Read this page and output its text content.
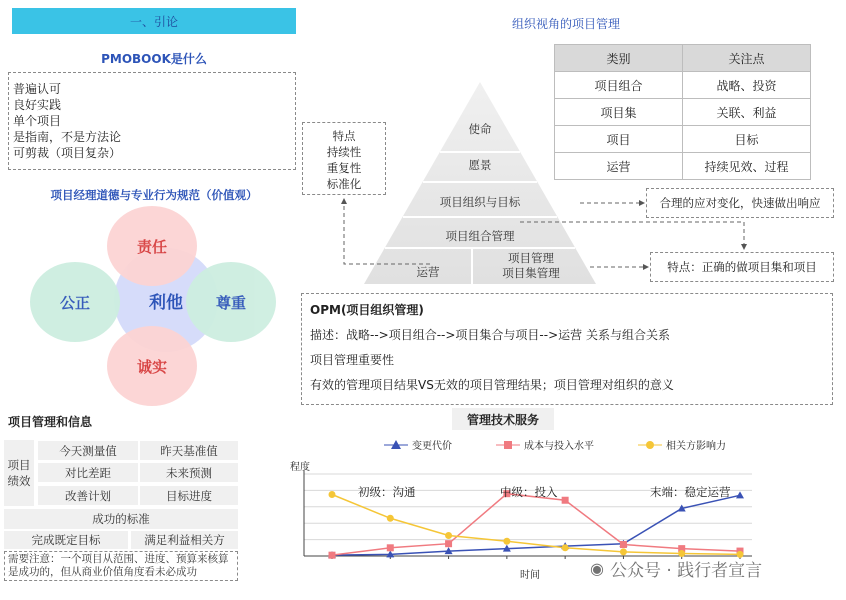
一、引论
PMOBOOK是什么
普遍认可
良好实践
单个项目
是指南，不是方法论
可剪裁（项目复杂）
项目经理道德与专业行为规范（价值观）
利他
责任
公正	尊重
诚实
项目管理和信息
项目
绩效
今天测量值	昨天基准值
对比差距	未来预测
改善计划	目标进度
成功的标准
完成既定目标	满足利益相关方
需要注意：一个项目从范围、进度、预算来核算是成功的，但从商业价值角度看未必成功
组织视角的项目管理
类别	关注点
项目组合	战略、投资
项目集	关联、利益
项目	目标
运营	持续见效、过程
使命
愿景
项目组织与目标
项目组合管理
运营
项目管理
项目集管理
特点
持续性
重复性
标准化
合理的应对变化，快速做出响应
特点：正确的做项目集和项目
OPM(项目组织管理)
描述：战略-->项目组合-->项目集合与项目-->运营 关系与组合关系
项目管理重要性
有效的管理项目结果VS无效的项目管理结果；项目管理对组织的意义
管理技术服务
变更代价	成本与投入水平	相关方影响力
程度
时间
初级：沟通	中级：投入	末端：稳定运营
◉ 公众号 · 践行者宣言
